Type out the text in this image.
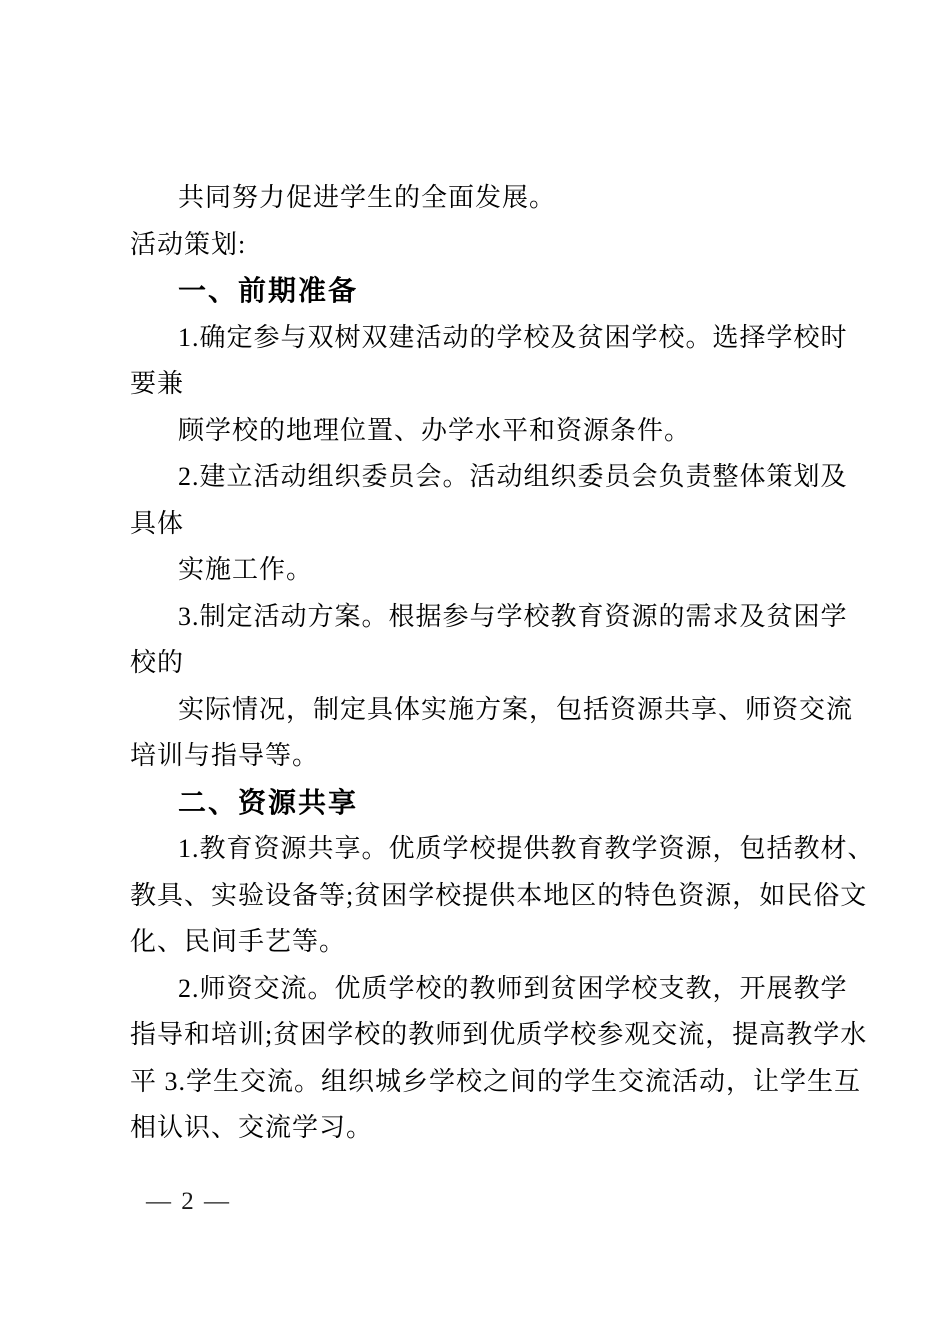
共同努力促进学生的全面发展。
活动策划:
一、前期准备
1.确定参与双树双建活动的学校及贫困学校。选择学校时
要兼
顾学校的地理位置、办学水平和资源条件。
2.建立活动组织委员会。活动组织委员会负责整体策划及
具体
实施工作。
3.制定活动方案。根据参与学校教育资源的需求及贫困学
校的
实际情况，制定具体实施方案，包括资源共享、师资交流
培训与指导等。
二、资源共享
1.教育资源共享。优质学校提供教育教学资源，包括教材、
教具、实验设备等;贫困学校提供本地区的特色资源，如民俗文
化、民间手艺等。
2.师资交流。优质学校的教师到贫困学校支教，开展教学
指导和培训;贫困学校的教师到优质学校参观交流，提高教学水
平 3.学生交流。组织城乡学校之间的学生交流活动，让学生互
相认识、交流学习。
— 2 —
